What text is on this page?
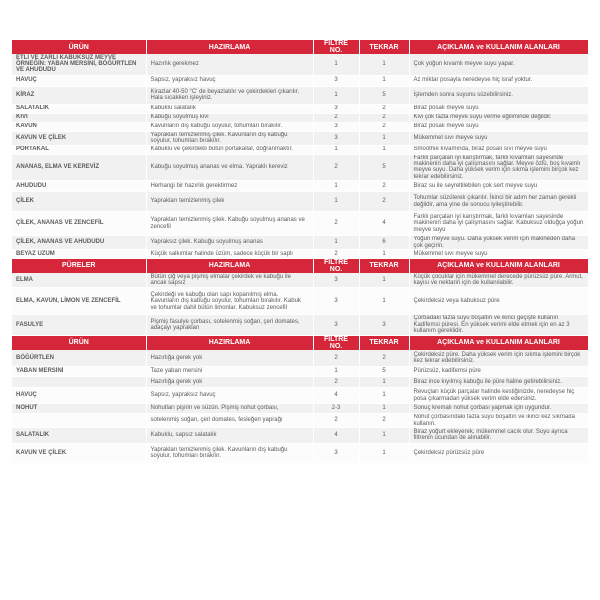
ÜRÜN	HAZIRLAMA	FİLTRE NO.	TEKRAR	AÇIKLAMA ve KULLANIM ALANLARI
ETLİ VE ZARLI KABUKSUZ MEYVE ÖRNEĞİN: YABAN MERSİNİ, BÖĞÜRTLEN VE AHUDUDU	Hazırlık gerekmez	1	1	Çok yoğun kıvamlı meyve suyu yapar.
HAVUÇ	Sapsız, yapraksız havuç	3	1	Az miktar posayla neredeyse hiç israf yoktur.
KİRAZ	Kirazlar 40-50 °C' de beyazlatılır ve çekirdekleri çıkarılır. Hala sıcakken işleyiniz.	1	5	İşlemden sonra suyunu süzebilirsiniz.
SALATALIK	Kabuklu salatalık	3	2	Biraz posalı meyve suyu
KİVİ	Kabuğu soyulmuş kivi	2	2	Kivi çok fazla meyve suyu verme eğiliminde değildir.
KAVUN	Kavunların dış kabuğu soyulur, tohumları bırakılır.	3	2	Biraz posalı meyve suyu
KAVUN VE ÇİLEK	Yaprakları temizlenmiş çilek. Kavunların dış kabuğu soyulur, tohumları bırakılır.	3	1	Mükemmel sıvı meyve suyu
PORTAKAL	Kabuklu ve çekirdekli bütün portakallar, doğranmaktır.	1	1	Smoothie kıvamında, biraz posalı sıvı meyve suyu
ANANAS, ELMA VE KEREVİZ	Kabuğu soyulmuş ananas ve elma. Yapraklı kereviz	2	5	Farklı parçaları iyi karıştırmak, farklı kıvamları sayesinde makinenin daha iyi çalışmasını sağlar. Meyve özlü, boş kıvamlı meyve suyu. Daha yüksek verim için sıkma işlemini birçok kez tekrar edebilirsiniz.
AHUDUDU	Herhangi bir hazırlık gerektirmez	1	2	Biraz su ile seyreltilebilen çok sert meyve suyu
ÇİLEK	Yaprakları temizlenmiş çilek	1	2	Tohumlar süzülerek çıkarılır. İkinci bir adım her zaman gerekli değildir, ama yine de sonucu iyileştirebilir.
ÇİLEK, ANANAS VE ZENCEFİL	Yaprakları temizlenmiş çilek. Kabuğu soyulmuş ananas ve zencefil	2	4	Farklı parçaları iyi karıştırmak, farklı kıvamları sayesinde makinenin daha iyi çalışmasını sağlar. Kabuksuz olduğça yoğun meyve suyu
ÇİLEK, ANANAS VE AHUDUDU	Yapraksız çilek. Kabuğu soyulmuş ananas	1	6	Yoğun meyve suyu. Daha yüksek verim için makineden daha çok geçirin.
BEYAZ ÜZÜM	Küçük salkımlar halinde üzüm, sadece küçük bir saplı	2	1	Mükemmel sıvı meyve suyu
PÜRELER	HAZIRLAMA	FİLTRE NO.	TEKRAR	AÇIKLAMA ve KULLANIM ALANLARI
ELMA	Bütün çiğ veya pişmiş elmalar çekirdek ve kabuğu ile ancak sapsız	3	1	Küçük çocuklar için mükemmel derecede pürüzsüz püre. Armut, kayısı ve nektarin için de kullanılabilir.
ELMA, KAVUN, LİMON VE ZENCEFİL	Çekirdeği ve kabuğu olan sapı kopanılmış elma. Kavunların dış kabuğu soyulur, tohumları bırakılır. Kabuk ve tohumlar dahil bütün limonlar. Kabuksuz zencefil	3	1	Çekirdeksiz veya kabuksuz püre
FASULYE	Pişmiş fasulye çorbası, sotelenmiş soğan, çeri domates, adaçayı yaprakları	3	3	Çorbadaki fazla suyu boşaltın ve ikinci geçişte kullanın Kadifemsi püresi. En yüksek verimi elde etmek için en az 3 kullanım gereklidir.
ÜRÜN	HAZIRLAMA	FİLTRE NO.	TEKRAR	AÇIKLAMA ve KULLANIM ALANLARI
BÖĞÜRTLEN	Hazırlığa gerek yok	2	2	Çekirdeksiz püre. Daha yüksek verim için sıkma işlemini birçok kez tekrar edebilirsiniz.
YABAN MERSİNİ	Taze yaban mersini	1	5	Pürüzsüz, kadifemsi püre
	Hazırlığa gerek yok	2	1	Biraz ince kıyılmış kabuğu ile püre haline getirebilirsiniz.
HAVUÇ	Sapsız, yapraksız havuç	4	1	Revuçları küçük parçalar halinde kestiğinizde, neredeyse hiç posa çıkarmadan yüksek verim elde edersiniz.
NOHUT	Nohutları pişirin ve süzün. Pişmiş nohut çorbası,	2-3	1	Sonuç kremalı nohut çorbası yapmak için uygundur.
	sotelenmiş soğan, çeri domates, fesleğen yaprağı	2	2	Nohut çorbasındaki fazla suyu boşaltın ve ikinci kez sıkmada kullanın.
SALATALIK	Kabuklu, sapsız salatalık	4	1	Biraz yoğurt ekleyerek, mükemmel cacık olur. Suyu ayrıca filtrenin ucundan de alınabilir.
KAVUN VE ÇİLEK	Yaprakları temizlenmiş çilek. Kavunların dış kabuğu soyulur, tohumları bırakılır.	3	1	Çekirdeksiz pürüzsüz püre
